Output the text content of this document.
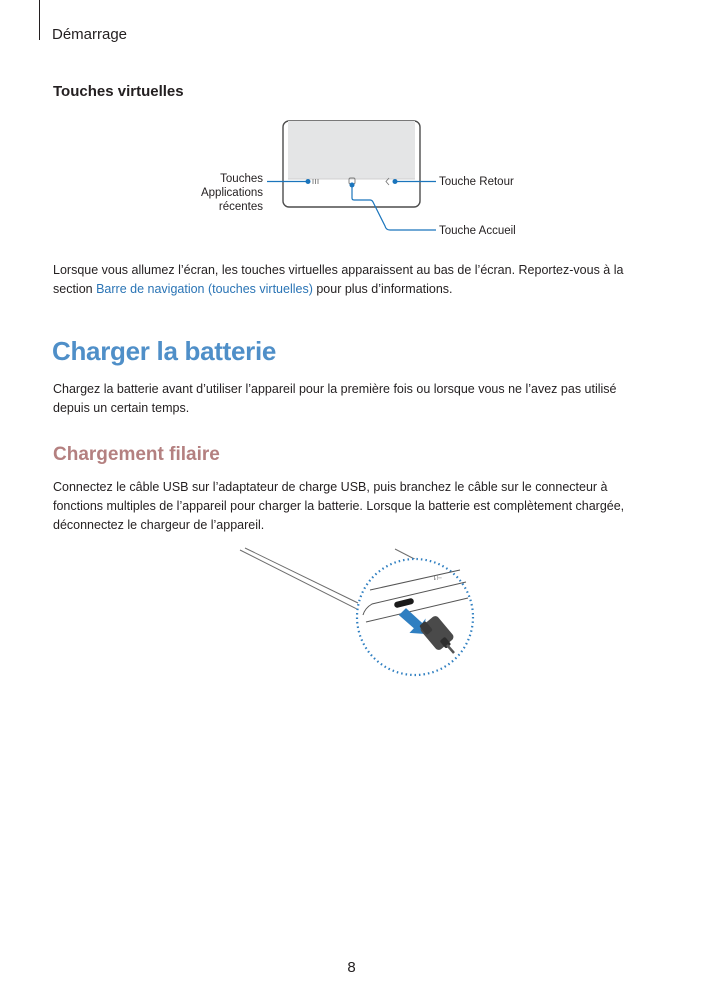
Démarrage
Touches virtuelles
Touches
Applications
récentes
Touche Retour
Touche Accueil
Lorsque vous allumez l’écran, les touches virtuelles apparaissent au bas de l’écran. Reportez-vous à la section Barre de navigation (touches virtuelles) pour plus d’informations.
Charger la batterie
Chargez la batterie avant d’utiliser l’appareil pour la première fois ou lorsque vous ne l’avez pas utilisé depuis un certain temps.
Chargement filaire
Connectez le câble USB sur l’adaptateur de charge USB, puis branchez le câble sur le connecteur à fonctions multiples de l’appareil pour charger la batterie. Lorsque la batterie est complètement chargée, déconnectez le chargeur de l’appareil.
⇂⊢
8
